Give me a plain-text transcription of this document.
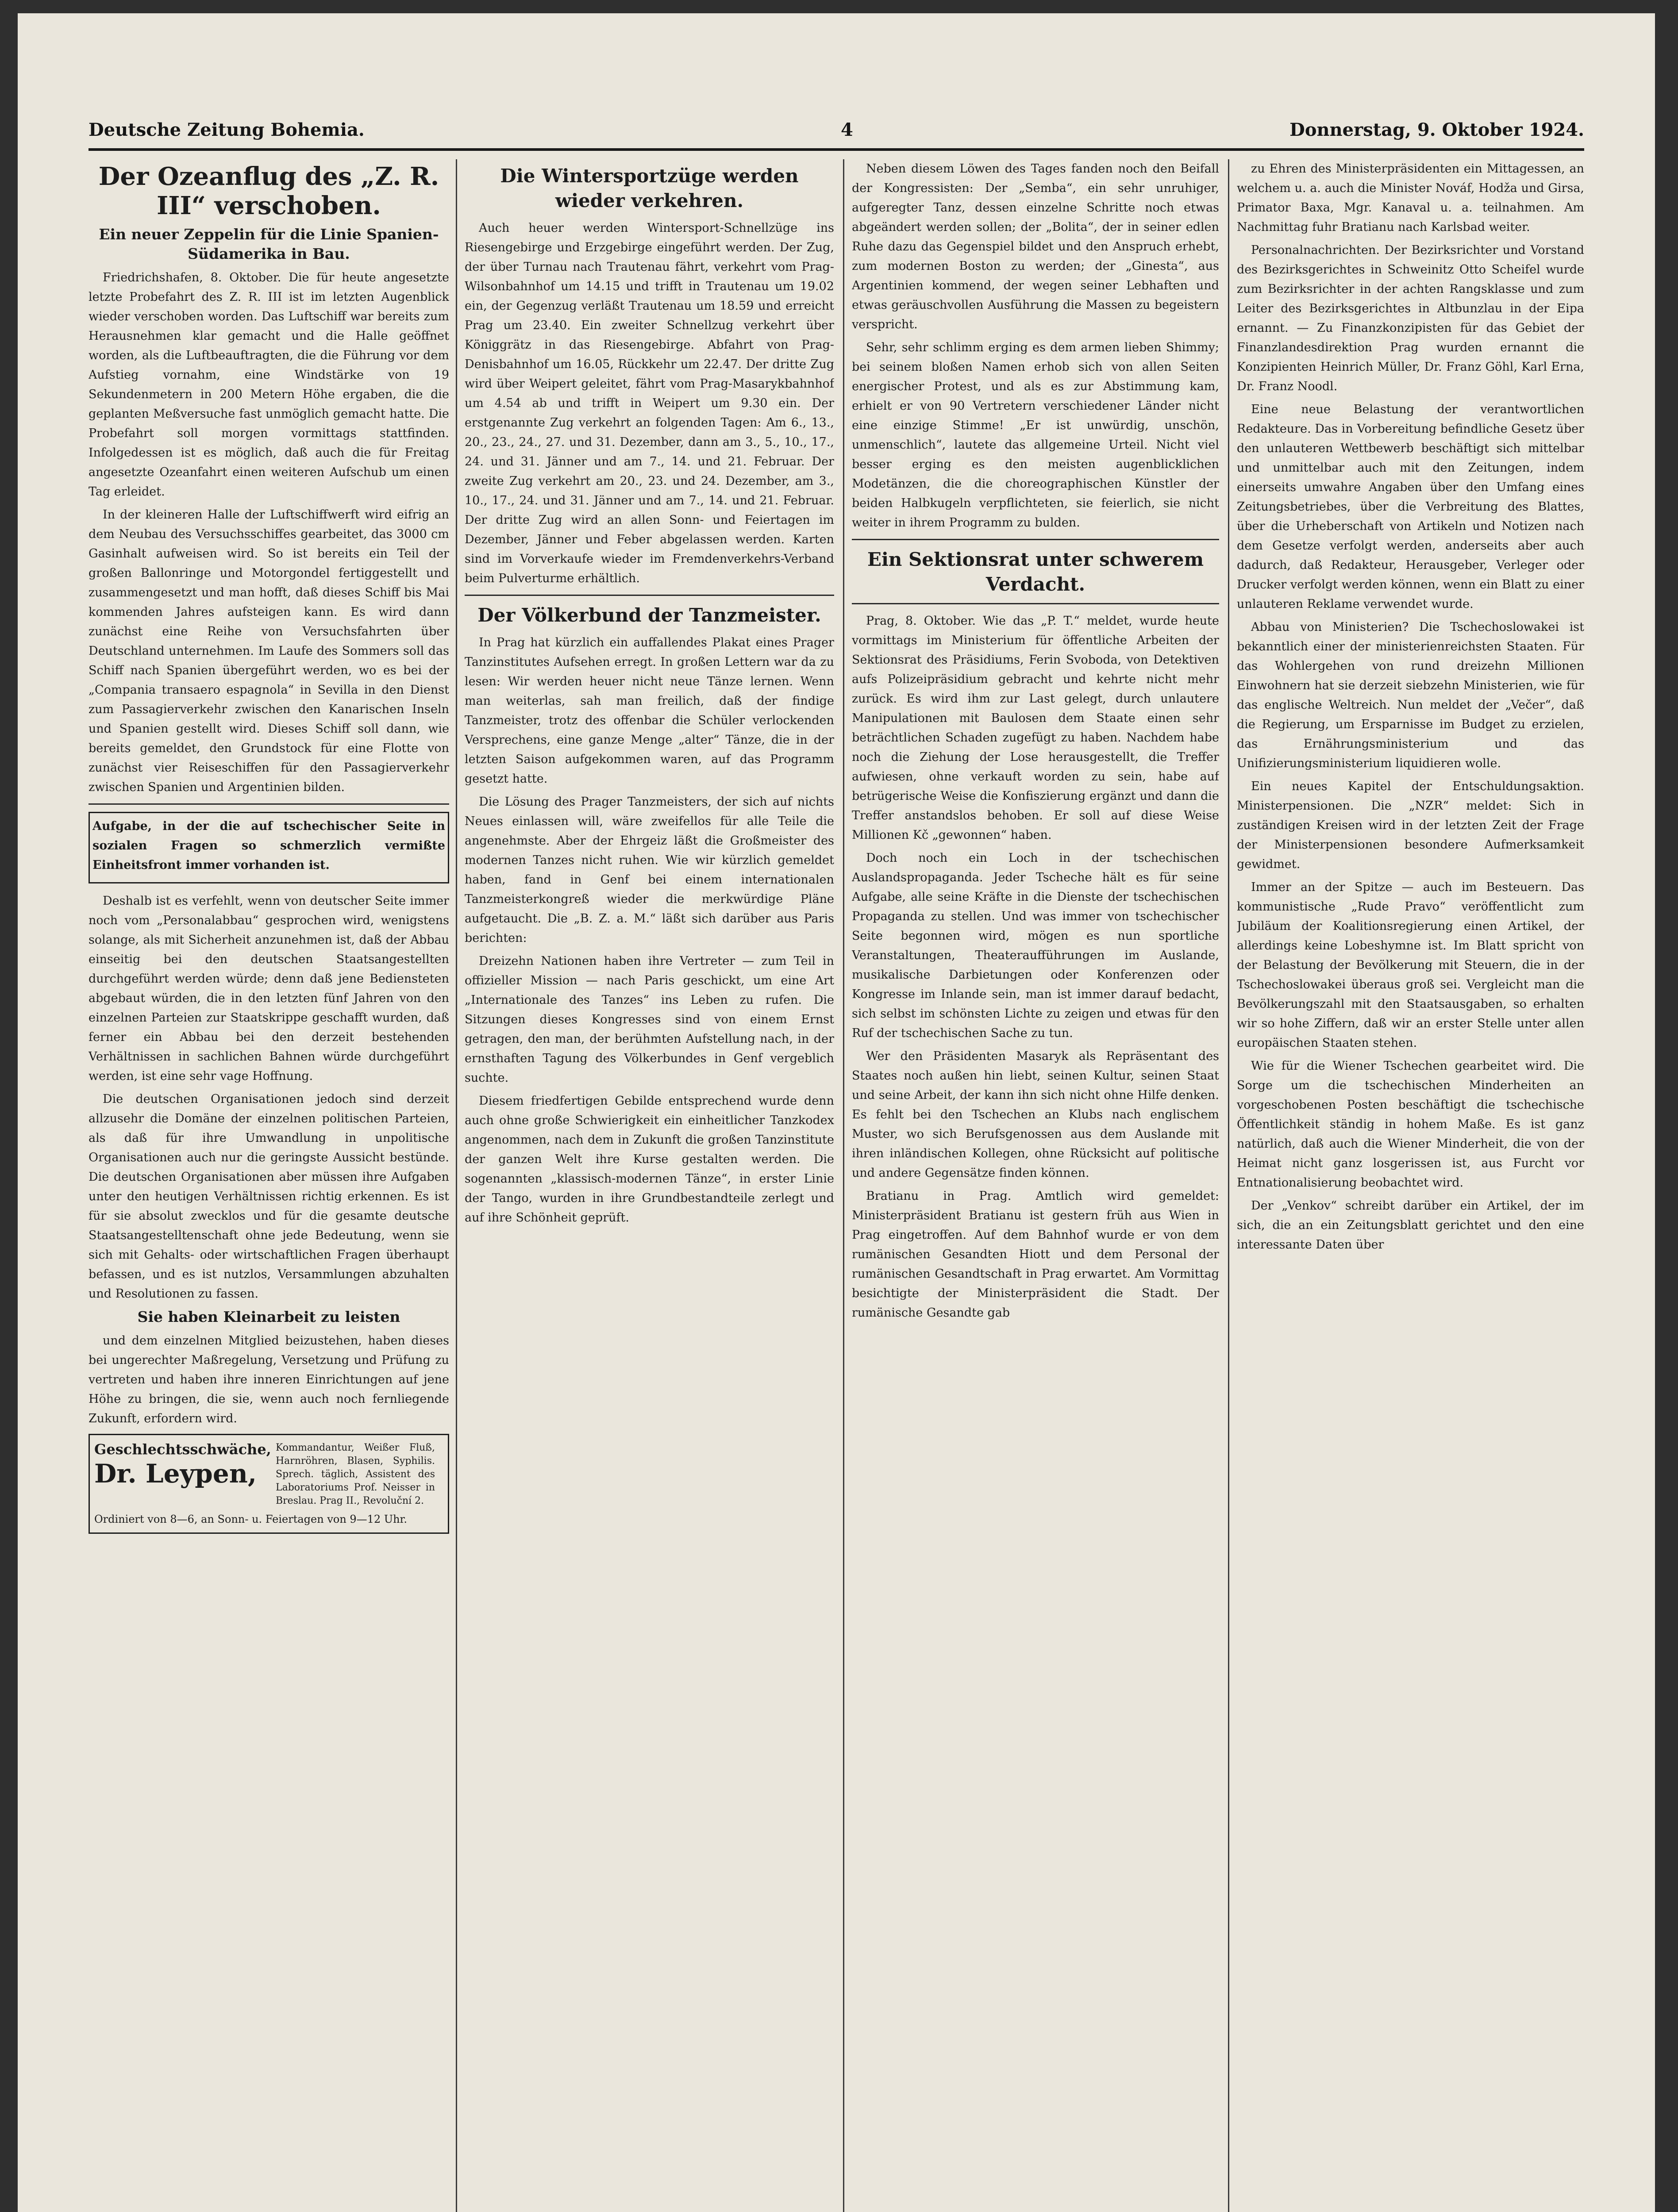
Deutsche Zeitung Bohemia.	4	Donnerstag, 9. Oktober 1924.
Der Ozeanflug des „Z. R. III“ verschoben.
Ein neuer Zeppelin für die Linie Spanien-Südamerika in Bau.

Friedrichshafen, 8. Oktober. Die für heute angesetzte letzte Probefahrt des Z. R. III ist im letzten Augenblick wieder verschoben worden. Das Luftschiff war bereits zum Herausnehmen klar gemacht und die Halle geöffnet worden, als die Luftbeauftragten, die die Führung vor dem Aufstieg vornahm, eine Windstärke von 19 Sekundenmetern in 200 Metern Höhe ergaben, die die geplanten Meßversuche fast unmöglich gemacht hatte. Die Probefahrt soll morgen vormittags stattfinden. Infolgedessen ist es möglich, daß auch die für Freitag angesetzte Ozeanfahrt einen weiteren Aufschub um einen Tag erleidet.

In der kleineren Halle der Luftschiffwerft wird eifrig an dem Neubau des Versuchsschiffes gearbeitet, das 3000 cm Gasinhalt aufweisen wird. So ist bereits ein Teil der großen Ballonringe und Motorgondel fertiggestellt und zusammengesetzt und man hofft, daß dieses Schiff bis Mai kommenden Jahres aufsteigen kann. Es wird dann zunächst eine Reihe von Versuchsfahrten über Deutschland unternehmen. Im Laufe des Sommers soll das Schiff nach Spanien übergeführt werden, wo es bei der „Compania transaero espagnola“ in Sevilla in den Dienst zum Passagierverkehr zwischen den Kanarischen Inseln und Spanien gestellt wird. Dieses Schiff soll dann, wie bereits gemeldet, den Grundstock für eine Flotte von zunächst vier Reiseschiffen für den Passagierverkehr zwischen Spanien und Argentinien bilden.

Aufgabe, in der die auf tschechischer Seite in sozialen Fragen so schmerzlich vermißte Einheitsfront immer vorhanden ist.

Deshalb ist es verfehlt, wenn von deutscher Seite immer noch vom „Personalabbau“ gesprochen wird, wenigstens solange, als mit Sicherheit anzunehmen ist, daß der Abbau einseitig bei den deutschen Staatsangestellten durchgeführt werden würde; denn daß jene Bediensteten abgebaut würden, die in den letzten fünf Jahren von den einzelnen Parteien zur Staatskrippe geschafft wurden, daß ferner ein Abbau bei den derzeit bestehenden Verhältnissen in sachlichen Bahnen würde durchgeführt werden, ist eine sehr vage Hoffnung.

Die deutschen Organisationen jedoch sind derzeit allzusehr die Domäne der einzelnen politischen Parteien, als daß für ihre Umwandlung in unpolitische Organisationen auch nur die geringste Aussicht bestünde. Die deutschen Organisationen aber müssen ihre Aufgaben unter den heutigen Verhältnissen richtig erkennen. Es ist für sie absolut zwecklos und für die gesamte deutsche Staatsangestelltenschaft ohne jede Bedeutung, wenn sie sich mit Gehalts- oder wirtschaftlichen Fragen überhaupt befassen, und es ist nutzlos, Versammlungen abzuhalten und Resolutionen zu fassen.

Sie haben Kleinarbeit zu leisten

und dem einzelnen Mitglied beizustehen, haben dieses bei ungerechter Maßregelung, Versetzung und Prüfung zu vertreten und haben ihre inneren Einrichtungen auf jene Höhe zu bringen, die sie, wenn auch noch fernliegende Zukunft, erfordern wird.

Geschlechtsschwäche,
Dr. Leypen,
Kommandantur, Weißer Fluß, Harnröhren, Blasen, Syphilis. Sprech. täglich, Assistent des Laboratoriums Prof. Neisser in Breslau. Prag II., Revoluční 2.
Ordiniert von 8—6, an Sonn- u. Feiertagen von 9—12 Uhr.
Die Wintersportzüge werden wieder verkehren.

Auch heuer werden Wintersport-Schnellzüge ins Riesengebirge und Erzgebirge eingeführt werden. Der Zug, der über Turnau nach Trautenau fährt, verkehrt vom Prag-Wilsonbahnhof um 14.15 und trifft in Trautenau um 19.02 ein, der Gegenzug verläßt Trautenau um 18.59 und erreicht Prag um 23.40. Ein zweiter Schnellzug verkehrt über Königgrätz in das Riesengebirge. Abfahrt von Prag-Denisbahnhof um 16.05, Rückkehr um 22.47. Der dritte Zug wird über Weipert geleitet, fährt vom Prag-Masarykbahnhof um 4.54 ab und trifft in Weipert um 9.30 ein. Der erstgenannte Zug verkehrt an folgenden Tagen: Am 6., 13., 20., 23., 24., 27. und 31. Dezember, dann am 3., 5., 10., 17., 24. und 31. Jänner und am 7., 14. und 21. Februar. Der zweite Zug verkehrt am 20., 23. und 24. Dezember, am 3., 10., 17., 24. und 31. Jänner und am 7., 14. und 21. Februar. Der dritte Zug wird an allen Sonn- und Feiertagen im Dezember, Jänner und Feber abgelassen werden. Karten sind im Vorverkaufe wieder im Fremdenverkehrs-Verband beim Pulverturme erhältlich.

Der Völkerbund der Tanzmeister.

In Prag hat kürzlich ein auffallendes Plakat eines Prager Tanzinstitutes Aufsehen erregt. In großen Lettern war da zu lesen: Wir werden heuer nicht neue Tänze lernen. Wenn man weiterlas, sah man freilich, daß der findige Tanzmeister, trotz des offenbar die Schüler verlockenden Versprechens, eine ganze Menge „alter“ Tänze, die in der letzten Saison aufgekommen waren, auf das Programm gesetzt hatte.

Die Lösung des Prager Tanzmeisters, der sich auf nichts Neues einlassen will, wäre zweifellos für alle Teile die angenehmste. Aber der Ehrgeiz läßt die Großmeister des modernen Tanzes nicht ruhen. Wie wir kürzlich gemeldet haben, fand in Genf bei einem internationalen Tanzmeisterkongreß wieder die merkwürdige Pläne aufgetaucht. Die „B. Z. a. M.“ läßt sich darüber aus Paris berichten:

Dreizehn Nationen haben ihre Vertreter — zum Teil in offizieller Mission — nach Paris geschickt, um eine Art „Internationale des Tanzes“ ins Leben zu rufen. Die Sitzungen dieses Kongresses sind von einem Ernst getragen, den man, der berühmten Aufstellung nach, in der ernsthaften Tagung des Völkerbundes in Genf vergeblich suchte.

Diesem friedfertigen Gebilde entsprechend wurde denn auch ohne große Schwierigkeit ein einheitlicher Tanzkodex angenommen, nach dem in Zukunft die großen Tanzinstitute der ganzen Welt ihre Kurse gestalten werden. Die sogenannten „klassisch-modernen Tänze“, in erster Linie der Tango, wurden in ihre Grundbestandteile zerlegt und auf ihre Schönheit geprüft.

Neben diesem Löwen des Tages fanden noch den Beifall der Kongressisten: Der „Semba“, ein sehr unruhiger, aufgeregter Tanz, dessen einzelne Schritte noch etwas abgeändert werden sollen; der „Bolita“, der in seiner edlen Ruhe dazu das Gegenspiel bildet und den Anspruch erhebt, zum modernen Boston zu werden; der „Ginesta“, aus Argentinien kommend, der wegen seiner Lebhaften und etwas geräuschvollen Ausführung die Massen zu begeistern verspricht.

Sehr, sehr schlimm erging es dem armen lieben Shimmy; bei seinem bloßen Namen erhob sich von allen Seiten energischer Protest, und als es zur Abstimmung kam, erhielt er von 90 Vertretern verschiedener Länder nicht eine einzige Stimme! „Er ist unwürdig, unschön, unmenschlich“, lautete das allgemeine Urteil. Nicht viel besser erging es den meisten augenblicklichen Modetänzen, die die choreographischen Künstler der beiden Halbkugeln verpflichteten, sie feierlich, sie nicht weiter in ihrem Programm zu bulden.

Ein Sektionsrat unter schwerem Verdacht.

Prag, 8. Oktober. Wie das „P. T.“ meldet, wurde heute vormittags im Ministerium für öffentliche Arbeiten der Sektionsrat des Präsidiums, Ferin Svoboda, von Detektiven aufs Polizeipräsidium gebracht und kehrte nicht mehr zurück. Es wird ihm zur Last gelegt, durch unlautere Manipulationen mit Baulosen dem Staate einen sehr beträchtlichen Schaden zugefügt zu haben. Nachdem habe noch die Ziehung der Lose herausgestellt, die Treffer aufwiesen, ohne verkauft worden zu sein, habe auf betrügerische Weise die Konfiszierung ergänzt und dann die Treffer anstandslos behoben. Er soll auf diese Weise Millionen Kč „gewonnen“ haben.

Doch noch ein Loch in der tschechischen Auslandspropaganda. Jeder Tscheche hält es für seine Aufgabe, alle seine Kräfte in die Dienste der tschechischen Propaganda zu stellen. Und was immer von tschechischer Seite begonnen wird, mögen es nun sportliche Veranstaltungen, Theateraufführungen im Auslande, musikalische Darbietungen oder Konferenzen oder Kongresse im Inlande sein, man ist immer darauf bedacht, sich selbst im schönsten Lichte zu zeigen und etwas für den Ruf der tschechischen Sache zu tun.

Wer den Präsidenten Masaryk als Repräsentant des Staates noch außen hin liebt, seinen Kultur, seinen Staat und seine Arbeit, der kann ihn sich nicht ohne Hilfe denken. Es fehlt bei den Tschechen an Klubs nach englischem Muster, wo sich Berufsgenossen aus dem Auslande mit ihren inländischen Kollegen, ohne Rücksicht auf politische und andere Gegensätze finden können.

Bratianu in Prag. Amtlich wird gemeldet: Ministerpräsident Bratianu ist gestern früh aus Wien in Prag eingetroffen. Auf dem Bahnhof wurde er von dem rumänischen Gesandten Hiott und dem Personal der rumänischen Gesandtschaft in Prag erwartet. Am Vormittag besichtigte der Ministerpräsident die Stadt. Der rumänische Gesandte gab

zu Ehren des Ministerpräsidenten ein Mittagessen, an welchem u. a. auch die Minister Nováf, Hodža und Girsa, Primator Baxa, Mgr. Kanaval u. a. teilnahmen. Am Nachmittag fuhr Bratianu nach Karlsbad weiter.

Personalnachrichten. Der Bezirksrichter und Vorstand des Bezirksgerichtes in Schweinitz Otto Scheifel wurde zum Bezirksrichter in der achten Rangsklasse und zum Leiter des Bezirksgerichtes in Altbunzlau in der Eipa ernannt. — Zu Finanzkonzipisten für das Gebiet der Finanzlandesdirektion Prag wurden ernannt die Konzipienten Heinrich Müller, Dr. Franz Göhl, Karl Erna, Dr. Franz Noodl.

Eine neue Belastung der verantwortlichen Redakteure. Das in Vorbereitung befindliche Gesetz über den unlauteren Wettbewerb beschäftigt sich mittelbar und unmittelbar auch mit den Zeitungen, indem einerseits umwahre Angaben über den Umfang eines Zeitungsbetriebes, über die Verbreitung des Blattes, über die Urheberschaft von Artikeln und Notizen nach dem Gesetze verfolgt werden, anderseits aber auch dadurch, daß Redakteur, Herausgeber, Verleger oder Drucker verfolgt werden können, wenn ein Blatt zu einer unlauteren Reklame verwendet wurde.

Abbau von Ministerien? Die Tschechoslowakei ist bekanntlich einer der ministerienreichsten Staaten. Für das Wohlergehen von rund dreizehn Millionen Einwohnern hat sie derzeit siebzehn Ministerien, wie für das englische Weltreich. Nun meldet der „Večer“, daß die Regierung, um Ersparnisse im Budget zu erzielen, das Ernährungsministerium und das Unifizierungsministerium liquidieren wolle.

Ein neues Kapitel der Entschuldungsaktion. Ministerpensionen. Die „NZR“ meldet: Sich in zuständigen Kreisen wird in der letzten Zeit der Frage der Ministerpensionen besondere Aufmerksamkeit gewidmet.

Immer an der Spitze — auch im Besteuern. Das kommunistische „Rude Pravo“ veröffentlicht zum Jubiläum der Koalitionsregierung einen Artikel, der allerdings keine Lobeshymne ist. Im Blatt spricht von der Belastung der Bevölkerung mit Steuern, die in der Tschechoslowakei überaus groß sei. Vergleicht man die Bevölkerungszahl mit den Staatsausgaben, so erhalten wir so hohe Ziffern, daß wir an erster Stelle unter allen europäischen Staaten stehen.

Wie für die Wiener Tschechen gearbeitet wird. Die Sorge um die tschechischen Minderheiten an vorgeschobenen Posten beschäftigt die tschechische Öffentlichkeit ständig in hohem Maße. Es ist ganz natürlich, daß auch die Wiener Minderheit, die von der Heimat nicht ganz losgerissen ist, aus Furcht vor Entnationalisierung beobachtet wird.

Der „Venkov“ schreibt darüber ein Artikel, der im sich, die an ein Zeitungsblatt gerichtet und den eine interessante Daten über
